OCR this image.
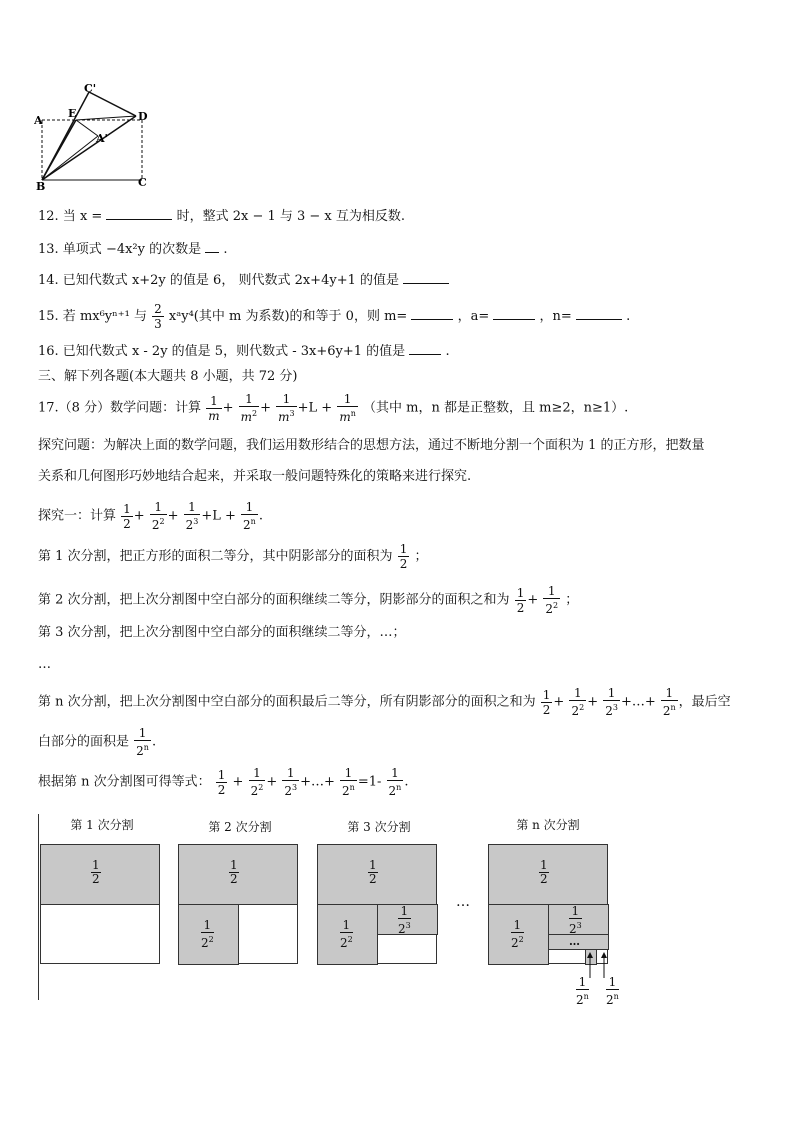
A
E
C'
D
A'
B	C
12. 当 x =	时，整式 2x − 1 与 3 − x 互为相反数.
13. 单项式 −4x²y 的次数是 .
14. 已知代数式 x+2y 的值是 6， 则代数式 2x+4y+1 的值是
15. 若 mx⁶yⁿ⁺¹ 与 $\frac{2}{3}$ xᵃy⁴(其中 m 为系数)的和等于 0，则 m=	，a=	，n=	.
16. 已知代数式 x - 2y 的值是 5，则代数式 - 3x+6y+1 的值是	.
三、解下列各题(本大题共 8 小题，共 72 分)
17.（8 分）数学问题：计算 $\frac{1}{m} + \frac{1}{m^2} + \frac{1}{m^3} +L + \frac{1}{m^n}$ （其中 m，n 都是正整数，且 m≥2，n≥1）.
探究问题：为解决上面的数学问题，我们运用数形结合的思想方法，通过不断地分割一个面积为 1 的正方形，把数量
关系和几何图形巧妙地结合起来，并采取一般问题特殊化的策略来进行探究.
探究一：计算 $\frac{1}{2} + \frac{1}{2^2} + \frac{1}{2^3} +L + \frac{1}{2^n}$ .
第 1 次分割，把正方形的面积二等分，其中阴影部分的面积为 $\frac{1}{2}$ ；
第 2 次分割，把上次分割图中空白部分的面积继续二等分，阴影部分的面积之和为 $\frac{1}{2} + \frac{1}{2^2}$ ；
第 3 次分割，把上次分割图中空白部分的面积继续二等分，…；
…
第 n 次分割，把上次分割图中空白部分的面积最后二等分，所有阴影部分的面积之和为 $\frac{1}{2} + \frac{1}{2^2} + \frac{1}{2^3}$ +…+ $\frac{1}{2^n}$ ，最后空
白部分的面积是 $\frac{1}{2^n}$ .
根据第 n 次分割图可得等式： $\frac{1}{2} + \frac{1}{2^2} + \frac{1}{2^3}$ +…+ $\frac{1}{2^n} =1- \frac{1}{2^n}$ .
第 1 次分割	第 2 次分割	第 3 次分割	第 n 次分割
$\frac{1}{2}$	$\frac{1}{2}$
$\frac{1}{2^2}$
$\frac{1}{2}$
$\frac{1}{2^2}$	$\frac{1}{2^3}$
…
$\frac{1}{2}$
$\frac{1}{2^2}$	$\frac{1}{2^3}$
…
$\frac{1}{2^n} \frac{1}{2^n}$
